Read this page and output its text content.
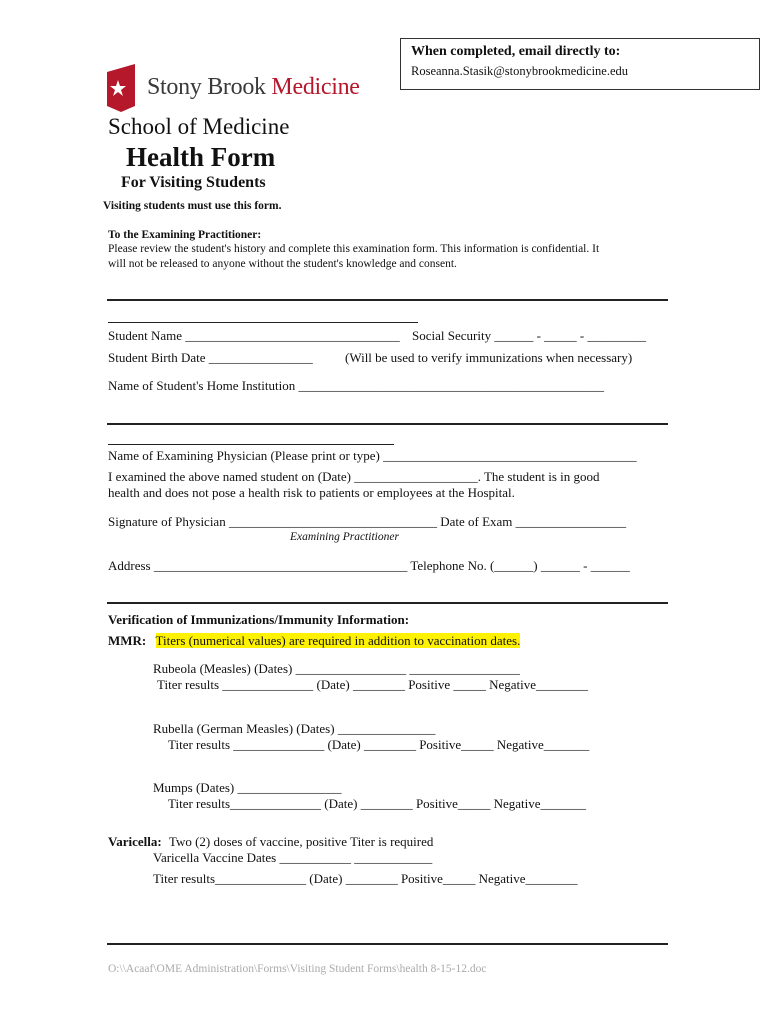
When completed, email directly to:
Roseanna.Stasik@stonybrookmedicine.edu
Stony Brook Medicine
School of Medicine
Health Form
For Visiting Students
Visiting students must use this form.
To the Examining Practitioner:
Please review the student's history and complete this examination form. This information is confidential. It
will not be released to anyone without the student's knowledge and consent.
Student Name _________________________________ Social Security ______ - _____ - _________
Student Birth Date ________________ (Will be used to verify immunizations when necessary)
Name of Student's Home Institution _______________________________________________
Name of Examining Physician (Please print or type) _______________________________________
I examined the above named student on (Date) ___________________. The student is in good
health and does not pose a health risk to patients or employees at the Hospital.
Signature of Physician ________________________________ Date of Exam _________________
Examining Practitioner
Address _______________________________________ Telephone No. (______) ______ - ______
Verification of Immunizations/Immunity Information:
MMR: Titers (numerical values) are required in addition to vaccination dates.
Rubeola (Measles) (Dates) _________________ _________________
Titer results ______________ (Date) ________ Positive _____ Negative________
Rubella (German Measles) (Dates) _______________
Titer results ______________ (Date) ________ Positive_____ Negative_______
Mumps (Dates) ________________
Titer results______________ (Date) ________ Positive_____ Negative_______
Varicella: Two (2) doses of vaccine, positive Titer is required
Varicella Vaccine Dates ___________ ____________
Titer results______________ (Date) ________ Positive_____ Negative________
O:\\Acaaf\OME Administration\Forms\Visiting Student Forms\health 8-15-12.doc
